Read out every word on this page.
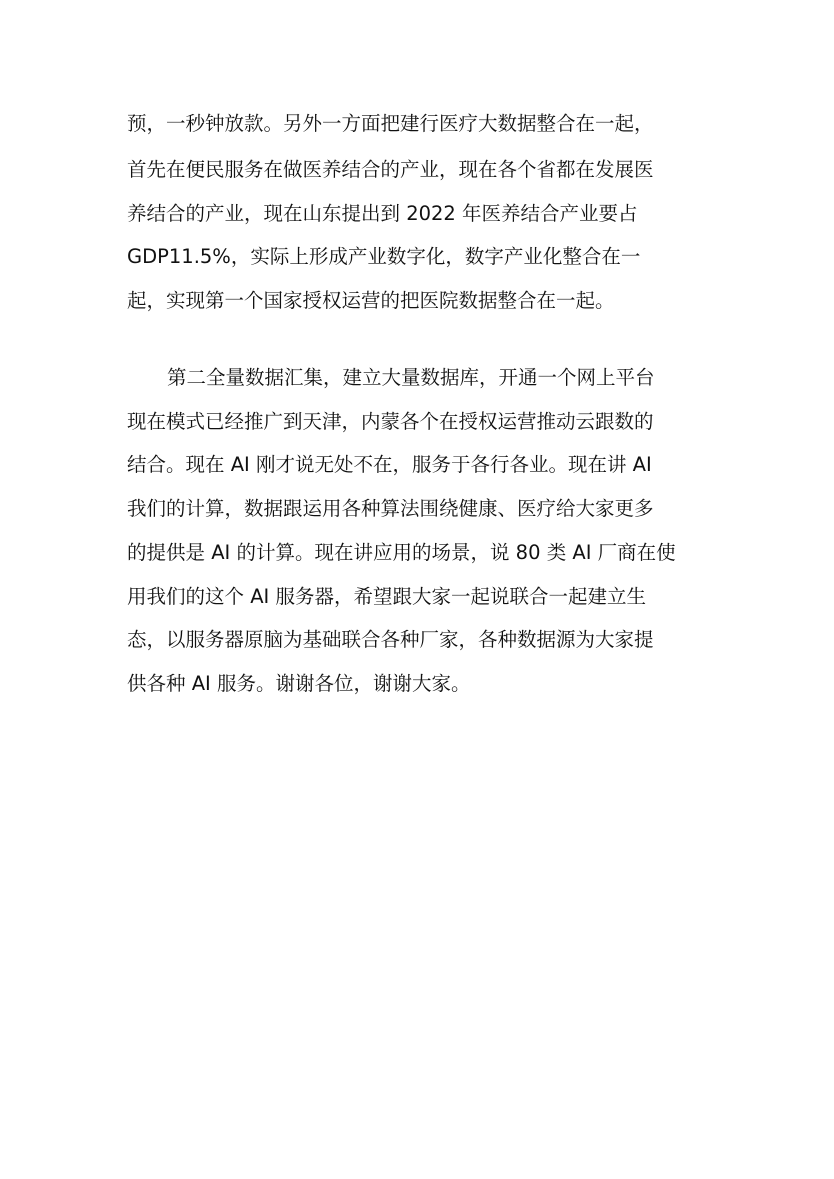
预，一秒钟放款。另外一方面把建行医疗大数据整合在一起，

首先在便民服务在做医养结合的产业，现在各个省都在发展医

养结合的产业，现在山东提出到 2022 年医养结合产业要占

GDP11.5%，实际上形成产业数字化，数字产业化整合在一

起，实现第一个国家授权运营的把医院数据整合在一起。

第二全量数据汇集，建立大量数据库，开通一个网上平台

现在模式已经推广到天津，内蒙各个在授权运营推动云跟数的

结合。现在 AI 刚才说无处不在，服务于各行各业。现在讲 AI

我们的计算，数据跟运用各种算法围绕健康、医疗给大家更多

的提供是 AI 的计算。现在讲应用的场景，说 80 类 AI 厂商在使

用我们的这个 AI 服务器，希望跟大家一起说联合一起建立生

态，以服务器原脑为基础联合各种厂家，各种数据源为大家提

供各种 AI 服务。谢谢各位，谢谢大家。
